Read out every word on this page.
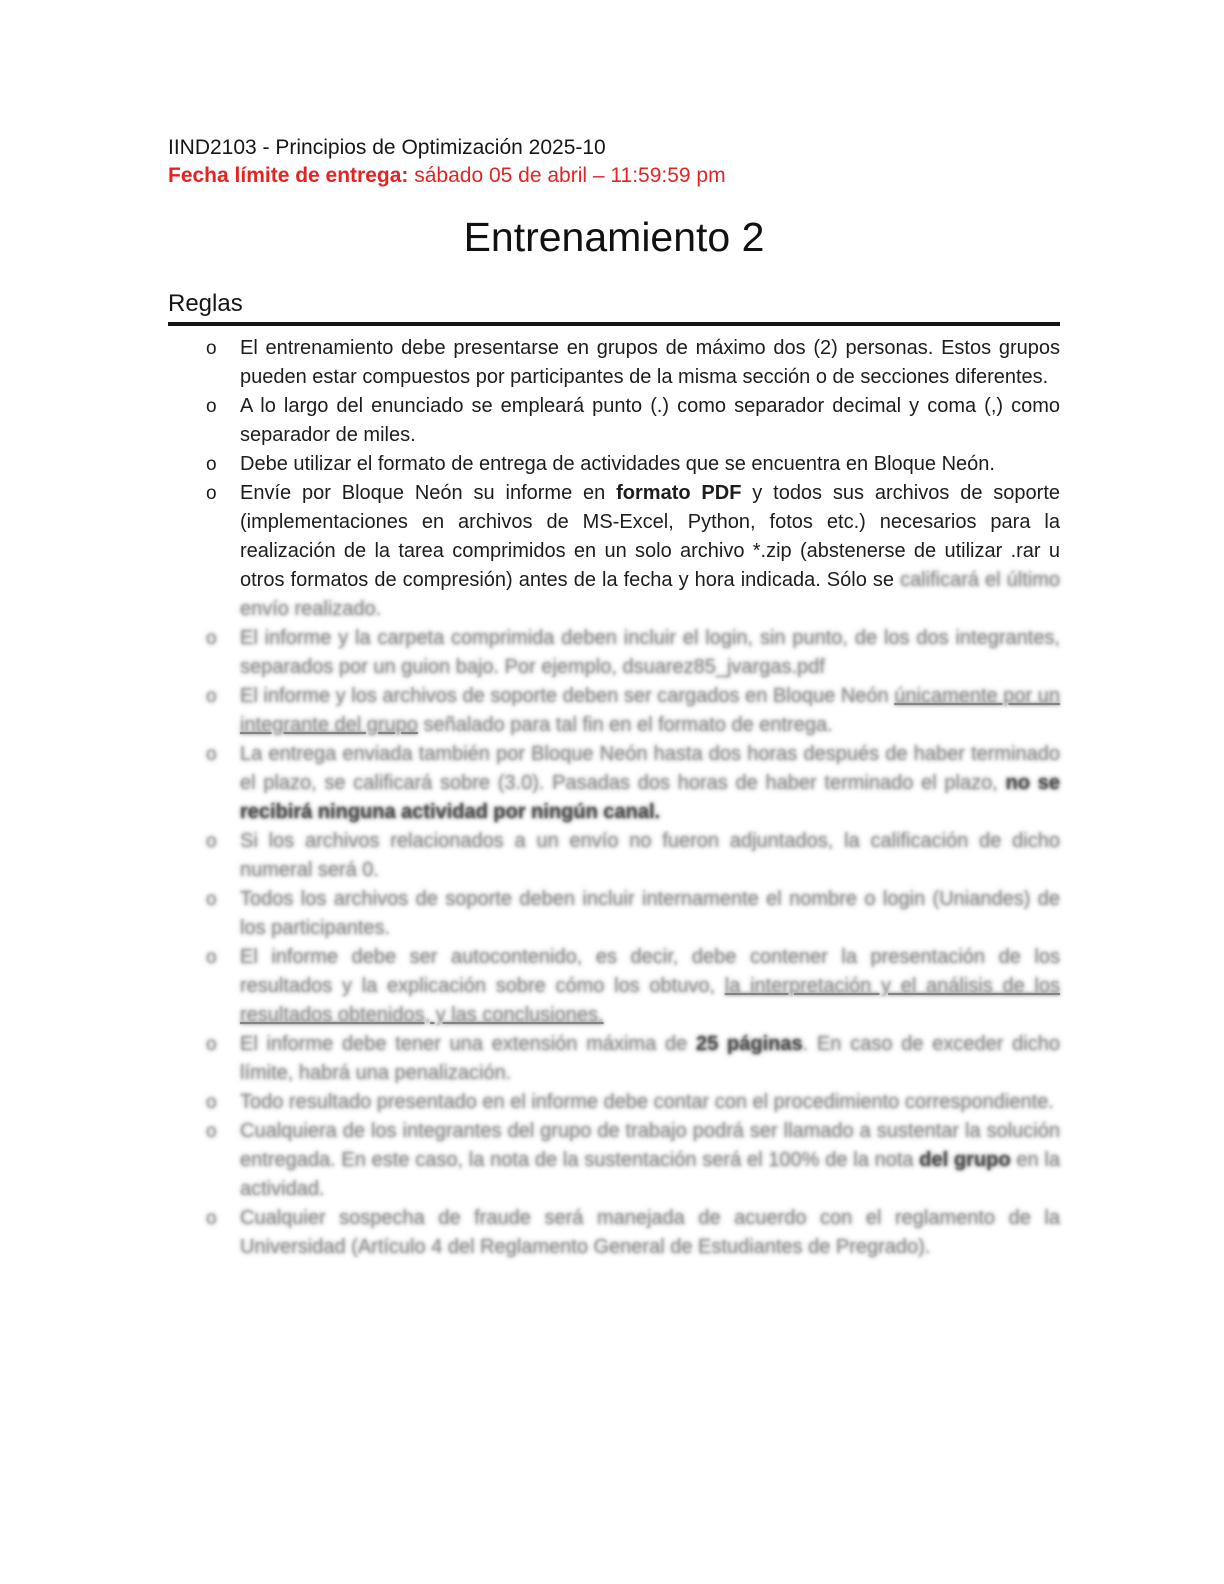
IIND2103 - Principios de Optimización 2025-10
Fecha límite de entrega: sábado 05 de abril – 11:59:59 pm
Entrenamiento 2
Reglas
o	El entrenamiento debe presentarse en grupos de máximo dos (2) personas. Estos grupos pueden estar compuestos por participantes de la misma sección o de secciones diferentes.
o	A lo largo del enunciado se empleará punto (.) como separador decimal y coma (,) como separador de miles.
o	Debe utilizar el formato de entrega de actividades que se encuentra en Bloque Neón.
o	Envíe por Bloque Neón su informe en formato PDF y todos sus archivos de soporte (implementaciones en archivos de MS-Excel, Python, fotos etc.) necesarios para la realización de la tarea comprimidos en un solo archivo *.zip (abstenerse de utilizar .rar u otros formatos de compresión) antes de la fecha y hora indicada. Sólo se calificará el último envío realizado.
o	El informe y la carpeta comprimida deben incluir el login, sin punto, de los dos integrantes, separados por un guion bajo. Por ejemplo, dsuarez85_jvargas.pdf
o	El informe y los archivos de soporte deben ser cargados en Bloque Neón únicamente por un integrante del grupo señalado para tal fin en el formato de entrega.
o	La entrega enviada también por Bloque Neón hasta dos horas después de haber terminado el plazo, se calificará sobre (3.0). Pasadas dos horas de haber terminado el plazo, no se recibirá ninguna actividad por ningún canal.
o	Si los archivos relacionados a un envío no fueron adjuntados, la calificación de dicho numeral será 0.
o	Todos los archivos de soporte deben incluir internamente el nombre o login (Uniandes) de los participantes.
o	El informe debe ser autocontenido, es decir, debe contener la presentación de los resultados y la explicación sobre cómo los obtuvo, la interpretación y el análisis de los resultados obtenidos, y las conclusiones.
o	El informe debe tener una extensión máxima de 25 páginas. En caso de exceder dicho límite, habrá una penalización.
o	Todo resultado presentado en el informe debe contar con el procedimiento correspondiente.
o	Cualquiera de los integrantes del grupo de trabajo podrá ser llamado a sustentar la solución entregada. En este caso, la nota de la sustentación será el 100% de la nota del grupo en la actividad.
o	Cualquier sospecha de fraude será manejada de acuerdo con el reglamento de la Universidad (Artículo 4 del Reglamento General de Estudiantes de Pregrado).
